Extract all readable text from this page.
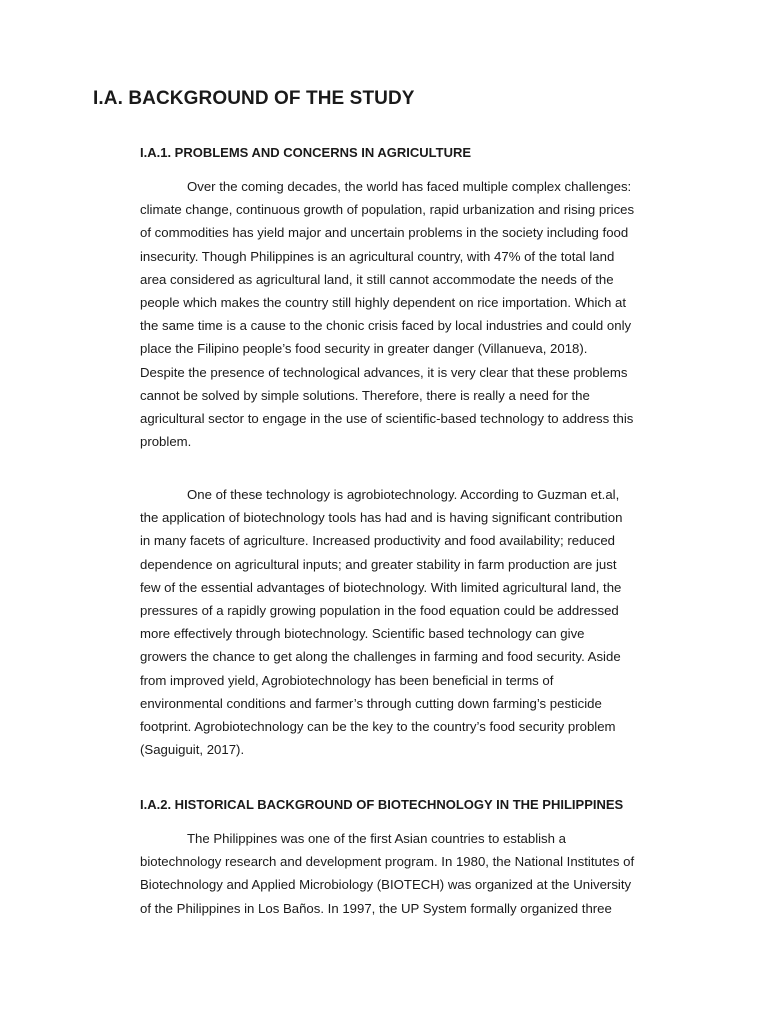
I.A. BACKGROUND OF THE STUDY
I.A.1. PROBLEMS AND CONCERNS IN AGRICULTURE

Over the coming decades, the world has faced multiple complex challenges:
climate change, continuous growth of population, rapid urbanization and rising prices
of commodities has yield major and uncertain problems in the society including food
insecurity. Though Philippines is an agricultural country, with 47% of the total land
area considered as agricultural land, it still cannot accommodate the needs of the
people which makes the country still highly dependent on rice importation. Which at
the same time is a cause to the chonic crisis faced by local industries and could only
place the Filipino people’s food security in greater danger (Villanueva, 2018).
Despite the presence of technological advances, it is very clear that these problems
cannot be solved by simple solutions. Therefore, there is really a need for the
agricultural sector to engage in the use of scientific-based technology to address this
problem.

One of these technology is agrobiotechnology. According to Guzman et.al,
the application of biotechnology tools has had and is having significant contribution
in many facets of agriculture. Increased productivity and food availability; reduced
dependence on agricultural inputs; and greater stability in farm production are just
few of the essential advantages of biotechnology. With limited agricultural land, the
pressures of a rapidly growing population in the food equation could be addressed
more effectively through biotechnology. Scientific based technology can give
growers the chance to get along the challenges in farming and food security. Aside
from improved yield, Agrobiotechnology has been beneficial in terms of
environmental conditions and farmer’s through cutting down farming’s pesticide
footprint. Agrobiotechnology can be the key to the country’s food security problem
(Saguiguit, 2017).

I.A.2. HISTORICAL BACKGROUND OF BIOTECHNOLOGY IN THE PHILIPPINES

The Philippines was one of the first Asian countries to establish a
biotechnology research and development program. In 1980, the National Institutes of
Biotechnology and Applied Microbiology (BIOTECH) was organized at the University
of the Philippines in Los Baños. In 1997, the UP System formally organized three
